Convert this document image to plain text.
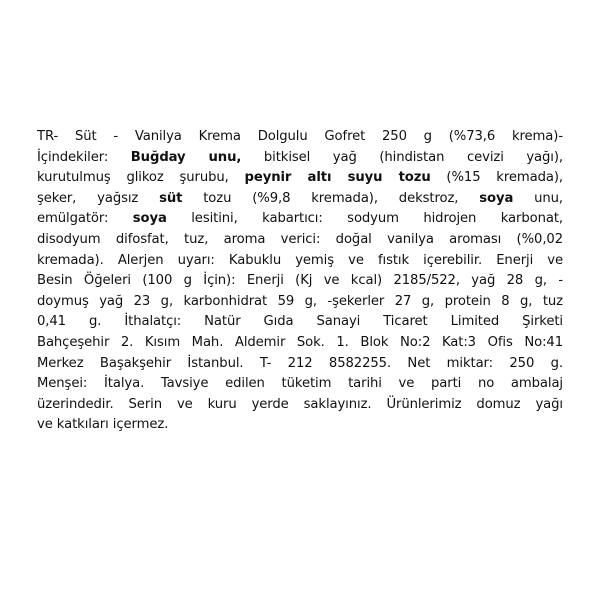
TR- Süt - Vanilya Krema Dolgulu Gofret 250 g (%73,6 krema)-
İçindekiler: Buğday unu, bitkisel yağ (hindistan cevizi yağı),
kurutulmuş glikoz şurubu, peynir altı suyu tozu (%15 kremada),
şeker, yağsız süt tozu (%9,8 kremada), dekstroz, soya unu,
emülgatör: soya lesitini, kabartıcı: sodyum hidrojen karbonat,
disodyum difosfat, tuz, aroma verici: doğal vanilya aroması (%0,02
kremada). Alerjen uyarı: Kabuklu yemiş ve fıstık içerebilir. Enerji ve
Besin Öğeleri (100 g İçin): Enerji (Kj ve kcal) 2185/522, yağ 28 g, -
doymuş yağ 23 g, karbonhidrat 59 g, -şekerler 27 g, protein 8 g, tuz
0,41 g. İthalatçı: Natür Gıda Sanayi Ticaret Limited Şirketi
Bahçeşehir 2. Kısım Mah. Aldemir Sok. 1. Blok No:2 Kat:3 Ofis No:41
Merkez Başakşehir İstanbul. T- 212 8582255. Net miktar: 250 g.
Menşei: İtalya. Tavsiye edilen tüketim tarihi ve parti no ambalaj
üzerindedir. Serin ve kuru yerde saklayınız. Ürünlerimiz domuz yağı
ve katkıları içermez.
